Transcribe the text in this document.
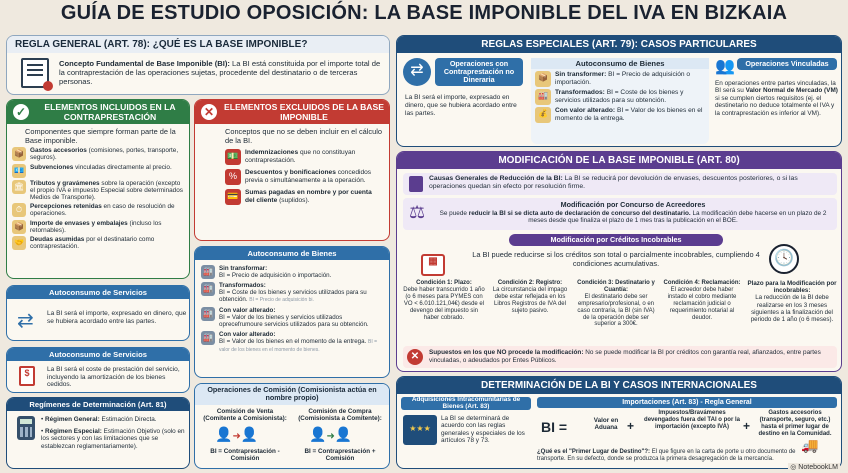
GUÍA DE ESTUDIO OPOSICIÓN: LA BASE IMPONIBLE DEL IVA EN BIZKAIA
REGLA GENERAL (ART. 78): ¿QUÉ ES LA BASE IMPONIBLE?
Concepto Fundamental de Base Imponible (BI): La BI está constituida por el importe total de la contraprestación de las operaciones sujetas, procedente del destinatario o de terceras personas.
ELEMENTOS INCLUIDOS EN LA CONTRAPRESTACIÓN
✓
Componentes que siempre forman parte de la Base imponible.
📦 Gastos accesorios (comisiones, portes, transporte, seguros).
💶 Subvenciones vinculadas directamente al precio.
🏛 Tributos y gravámenes sobre la operación (excepto el propio IVA e impuesto Especial sobre determinados Medios de Transporte).
⏱	Percepciones retenidas en caso de resolución de operaciones.
📦 Importe de envases y embalajes (incluso los retornables).
🤝 Deudas asumidas por el destinatario como contraprestación.
ELEMENTOS EXCLUIDOS DE LA BASE IMPONIBLE
✕
Conceptos que no se deben incluir en el cálculo de la BI.
💵 Indemnizaciones que no constituyan contraprestación.
%	Descuentos y bonificaciones concedidos previa o simultáneamente a la operación.
💳 Sumas pagadas en nombre y por cuenta del cliente (suplidos).
Autoconsumo de Servicios
⇄ La BI será el importe, expresado en dinero, que se hubiera acordado entre las partes.
Autoconsumo de Servicios
$	La BI será el coste de prestación del servicio, incluyendo la amortización de los bienes cedidos.
Regímenes de Determinación (Art. 81)
• Régimen General: Estimación Directa.
• Régimen Especial: Estimación Objetivo (solo en los sectores y con las limitaciones que se establezcan reglamentariamente).
Autoconsumo de Bienes
🏭 Sin transformar:
BI = Precio de adquisición o importación.
🏭 Transformados:
BI = Coste de los bienes y servicios utilizados para su obtención. BI = Precio de adquisición bi.
🏭 Con valor alterado:
BI = Valor de los bienes y servicios utilizados oprecefrumoure servicios utilizados para su obtención.
🏭 Con valor alterado:
BI = Valor de los bienes en el momento de la entrega. BI = valor de los bienes en el momento de bienes.
Operaciones de Comisión (Comisionista actúa en nombre propio)
Comisión de Venta (Comitente a Comisionista):
Comisión de Compra (Comisionista a Comitente):
👤➜👤	👤➜👤
BI = Contraprestación - Comisión
BI = Contraprestación + Comisión
REGLAS ESPECIALES (ART. 79): CASOS PARTICULARES
⇄	Operaciones con Contraprestación no Dineraria
La BI será el importe, expresado en dinero, que se hubiera acordado entre las partes.
Autoconsumo de Bienes
📦	Sin transformer: BI = Precio de adquisición o importación.
🏭	Transformados: BI = Coste de los bienes y servicios utilizados para su obtención.
💰	Con valor alterado: BI = Valor de los bienes en el momento de la entrega.
👥	Operaciones Vinculadas
En operaciones entre partes vinculadas, la BI será su Valor Normal de Mercado (VM) si se cumplen ciertos requisitos (ej. el destinetario no deduce totalmente el IVA y la contraprestación es inferior al VM).
MODIFICACIÓN DE LA BASE IMPONIBLE (ART. 80)
Causas Generales de Reducción de la BI: La BI se reducirá por devolución de envases, descuentos posteriores, o si las operaciones quedan sin efecto por resolución firme.
⚖	Modificación por Concurso de Acreedores
Se puede reducir la BI si se dicta auto de declaración de concurso del destinatario. La modificación debe hacerse en un plazo de 2 meses desde que finaliza el plazo de 1 mes tras la publicación en el BOE.
Modificación por Créditos Incobrables
La BI puede reducirse si los créditos son total o parcialmente incobrables, cumpliendo 4 condiciones acumulativas.
▦	🕓
Condición 1: Plazo:
Debe haber transcurrido 1 año (o 6 meses para PYMES con VO < 6.010.121,04€) desde el devengo del impuesto sin haber cobrado.
Condición 2: Registro:
La circunstancia del impago debe estar reflejada en los Libros Registros de IVA del sujeto pasivo.
Condición 3: Destinatario y Cuantía:
El destinatario debe ser empresario/profesional, o en caso contraria, la BI (sin IVA) de la operación debe ser superior a 300€.
Condición 4: Reclamación:
El acreedor debe haber instado el cobro mediante reclamación judicial o requerimiento notarial al deudor.
Plazo para la Modificación por incobrables:
La reducción de la BI debe realizarse en los 3 meses siguientes a la finalización del periodo de 1 año (o 6 meses).
✕	Supuestos en los que NO procede la modificación: No se puede modificar la BI por créditos con garantía real, afianzados, entre partes vinculadas, o adeudados por Entes Públicos.
DETERMINACIÓN DE LA BI Y CASOS INTERNACIONALES
Adquisiciones Intracomunitarias de Bienes (Art. 83)
★★★
La BI se determinará de acuerdo con las reglas generales y especiales de los artículos 78 y 73.
Importaciones (Art. 83) - Regla General
BI =	Valor en Aduana +
Impuestos/Bravámenes devengados fuera del TAI o por la importación (excepto IVA)	+
Gastos accesorios (transporte, seguro, etc.) hasta el primer lugar de destino en la Comunidad.
🚚
¿Qué es el "Primer Lugar de Destino"?: El que figure en la carta de porte u otro documento de transporte. En su defecto, donde se produzca la primera desagregación de la mercancía.
◎ NotebookLM
